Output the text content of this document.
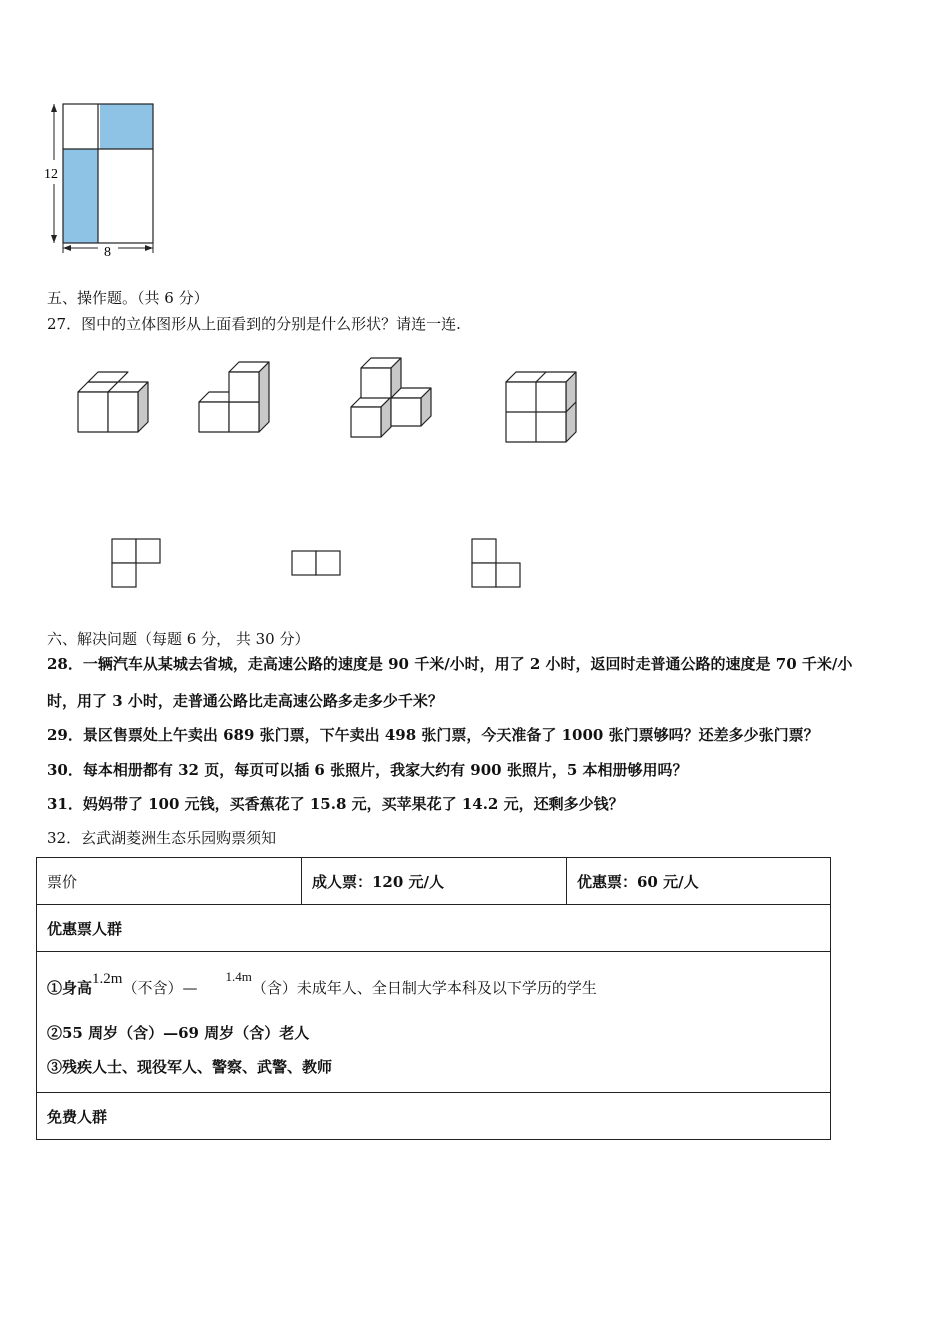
12
8
五、操作题。（共 6 分）
27．图中的立体图形从上面看到的分别是什么形状？请连一连.
六、解决问题（每题 6 分， 共 30 分）
28．一辆汽车从某城去省城，走高速公路的速度是 90 千米/小时，用了 2 小时，返回时走普通公路的速度是 70 千米/小
时，用了 3 小时，走普通公路比走高速公路多走多少千米？
29．景区售票处上午卖出 689 张门票，下午卖出 498 张门票，今天准备了 1000 张门票够吗？还差多少张门票？
30．每本相册都有 32 页，每页可以插 6 张照片，我家大约有 900 张照片，5 本相册够用吗？
31．妈妈带了 100 元钱，买香蕉花了 15.8 元，买苹果花了 14.2 元，还剩多少钱？
32．玄武湖菱洲生态乐园购票须知
票价	成人票：120 元/人	优惠票：60 元/人
优惠票人群

①身高1.2m（不含）—1.4m（含）未成年人、全日制大学本科及以下学历的学生
②55 周岁（含）—69 周岁（含）老人
③残疾人士、现役军人、警察、武警、教师

免费人群
